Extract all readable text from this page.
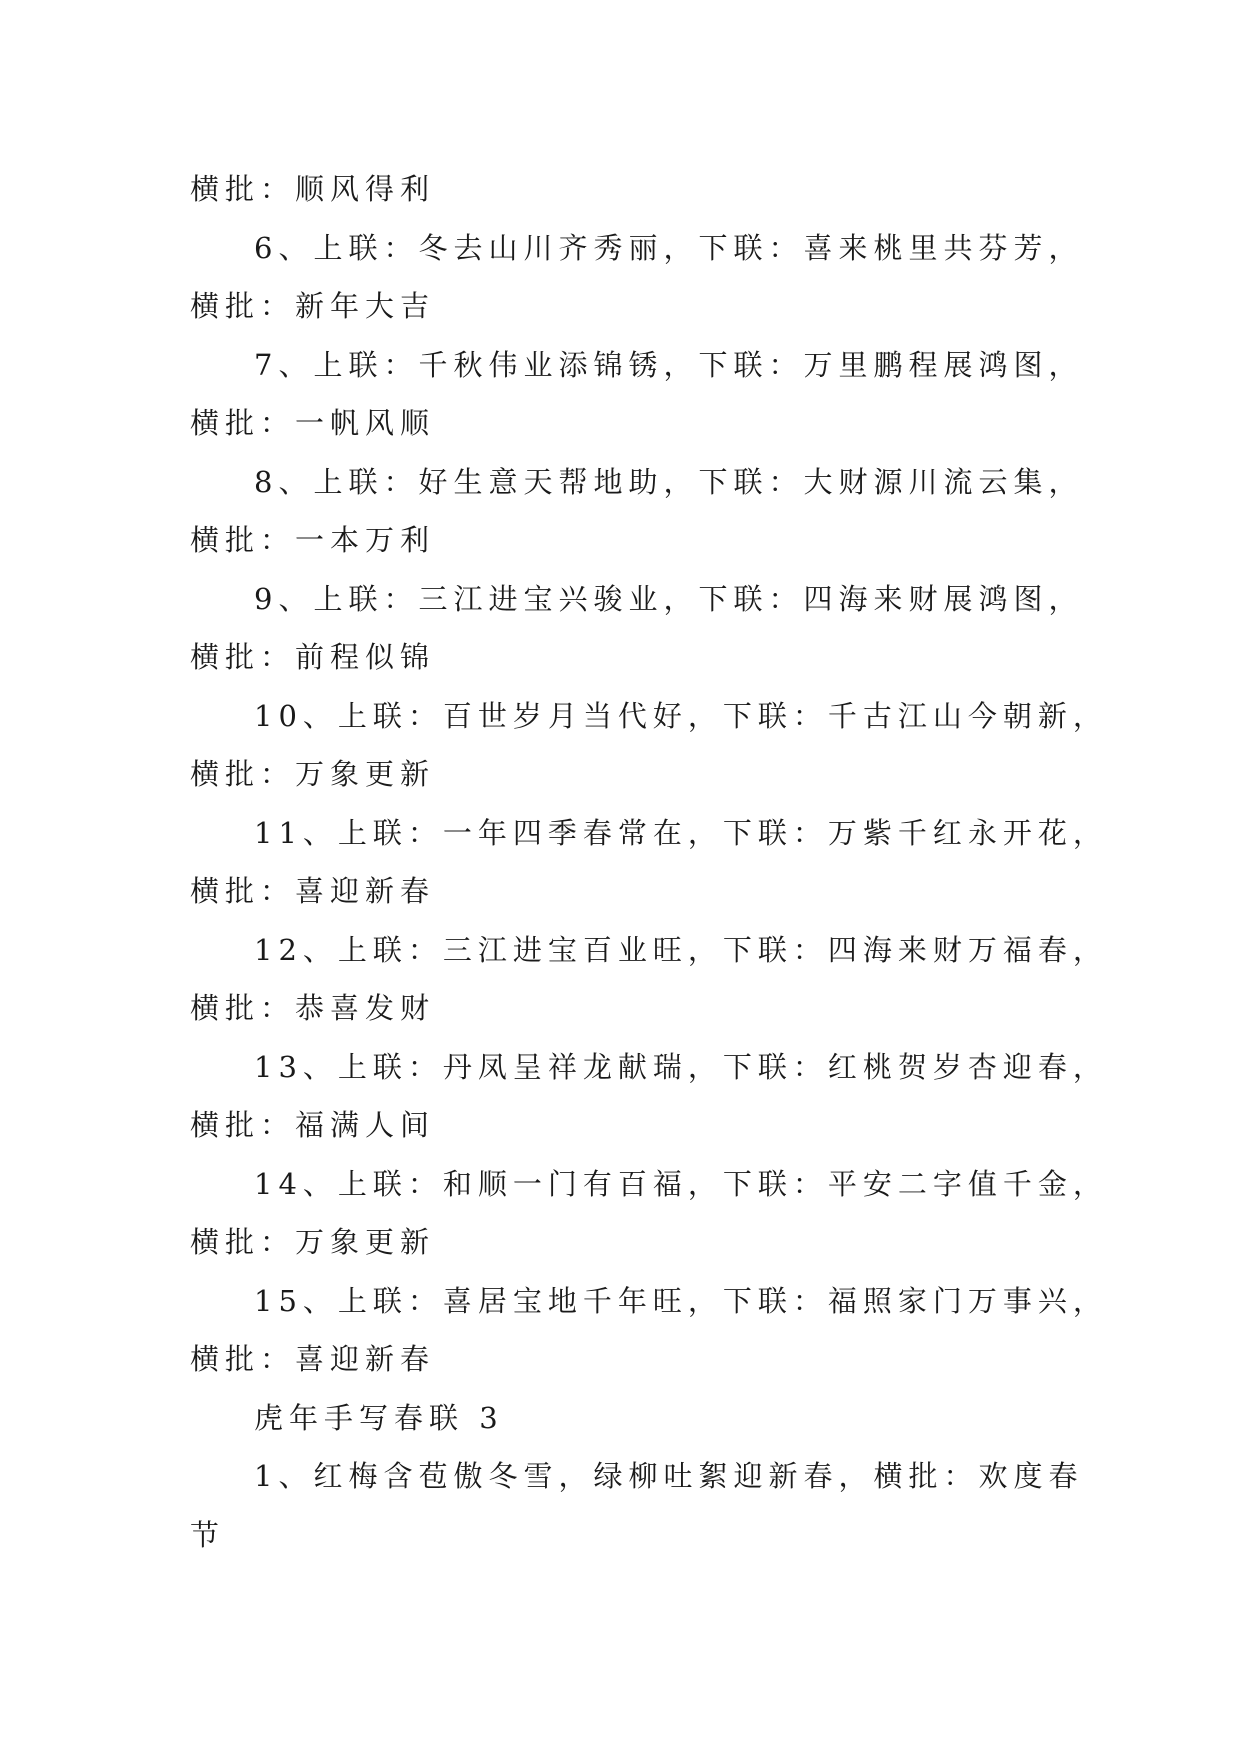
横批：顺风得利
6、上联：冬去山川齐秀丽，下联：喜来桃里共芬芳，
横批：新年大吉
7、上联：千秋伟业添锦锈，下联：万里鹏程展鸿图，
横批：一帆风顺
8、上联：好生意天帮地助，下联：大财源川流云集，
横批：一本万利
9、上联：三江进宝兴骏业，下联：四海来财展鸿图，
横批：前程似锦
10、上联：百世岁月当代好，下联：千古江山今朝新，
横批：万象更新
11、上联：一年四季春常在，下联：万紫千红永开花，
横批：喜迎新春
12、上联：三江进宝百业旺，下联：四海来财万福春，
横批：恭喜发财
13、上联：丹凤呈祥龙献瑞，下联：红桃贺岁杏迎春，
横批：福满人间
14、上联：和顺一门有百福，下联：平安二字值千金，
横批：万象更新
15、上联：喜居宝地千年旺，下联：福照家门万事兴，
横批：喜迎新春
虎年手写春联 3
1、红梅含苞傲冬雪，绿柳吐絮迎新春，横批：欢度春
节
